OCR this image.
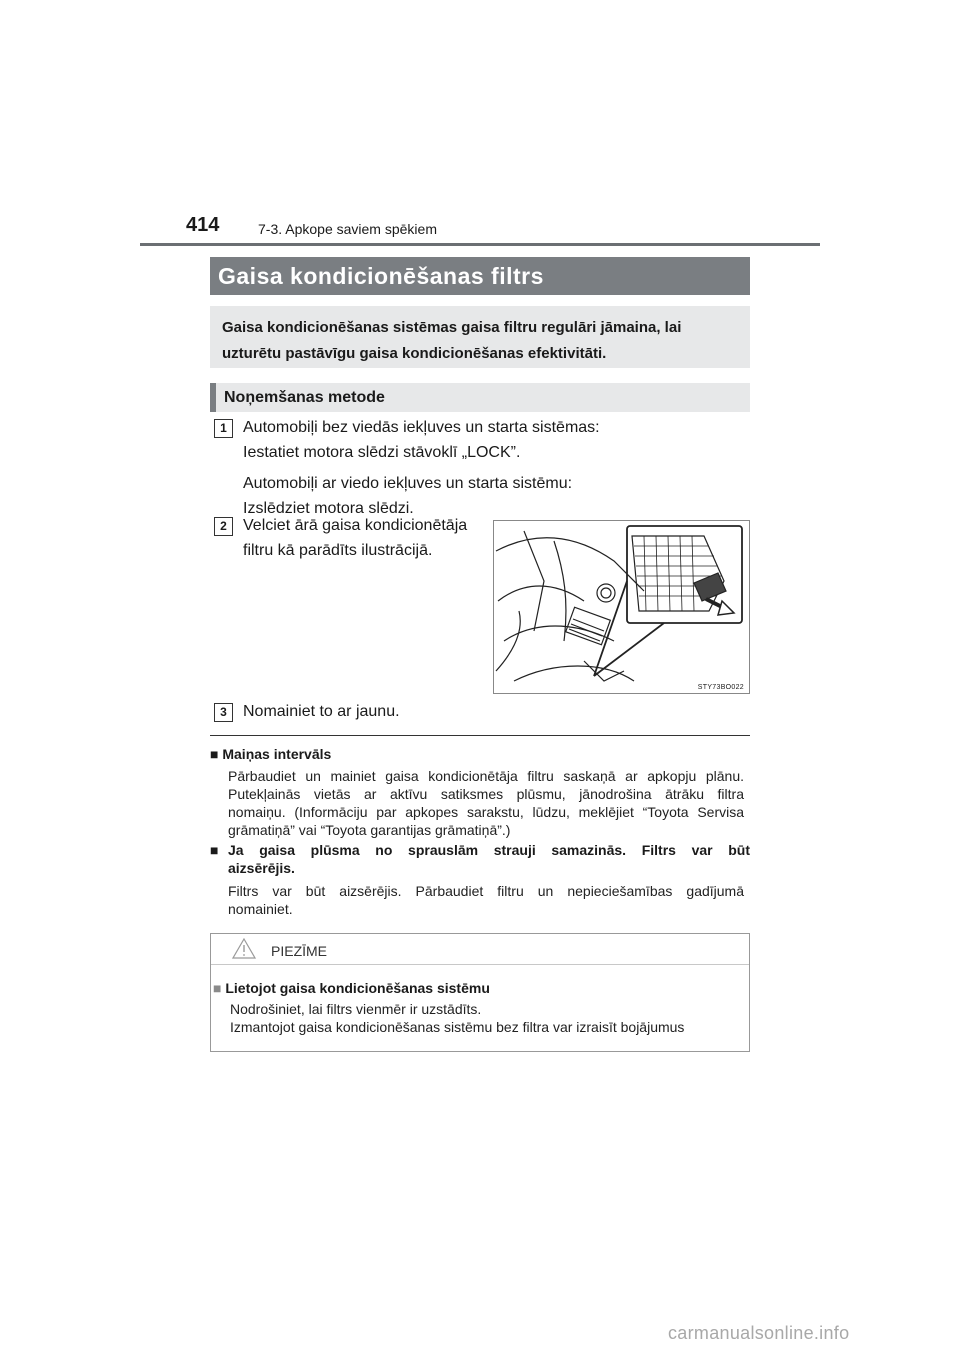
414	7-3. Apkope saviem spēkiem
Gaisa kondicionēšanas filtrs
Gaisa kondicionēšanas sistēmas gaisa filtru regulāri jāmaina, lai
uzturētu pastāvīgu gaisa kondicionēšanas efektivitāti.
Noņemšanas metode
1	Automobiļi bez viedās iekļuves un starta sistēmas:
Iestatiet motora slēdzi stāvoklī „LOCK”.
Automobiļi ar viedo iekļuves un starta sistēmu:
Izslēdziet motora slēdzi.
2	Velciet ārā gaisa kondicionētāja
filtru kā parādīts ilustrācijā.
STY73BO022
3	Nomainiet to ar jaunu.
■ Maiņas intervāls
Pārbaudiet un mainiet gaisa kondicionētāja filtru saskaņā ar apkopju plānu.
Putekļainās vietās ar aktīvu satiksmes plūsmu, jānodrošina ātrāku filtra
nomaiņu. (Informāciju par apkopes sarakstu, lūdzu, meklējiet “Toyota Servisa
grāmatiņā” vai “Toyota garantijas grāmatiņā”.)
■ Ja gaisa plūsma no sprauslām strauji samazinās. Filtrs var būt
aizsērējis.
Filtrs var būt aizsērējis. Pārbaudiet filtru un nepieciešamības gadījumā
nomainiet.
PIEZĪME
■ Lietojot gaisa kondicionēšanas sistēmu
Nodrošiniet, lai filtrs vienmēr ir uzstādīts.
Izmantojot gaisa kondicionēšanas sistēmu bez filtra var izraisīt bojājumus
carmanualsonline.info
